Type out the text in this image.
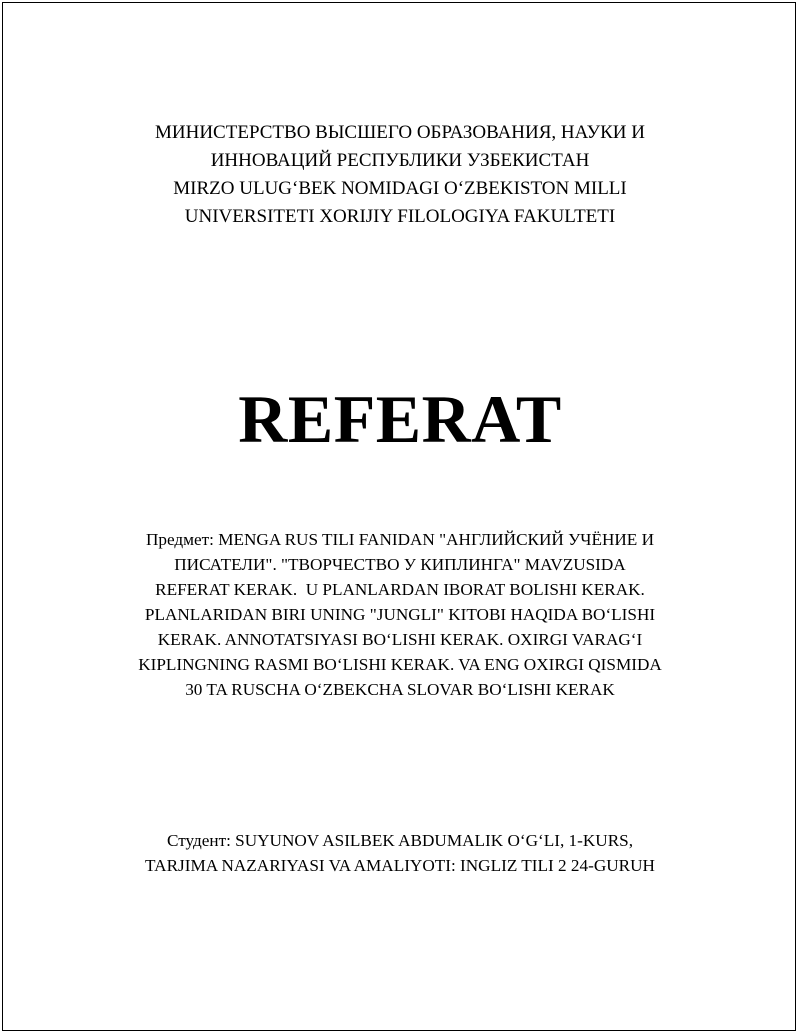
МИНИСТЕРСТВО ВЫСШЕГО ОБРАЗОВАНИЯ, НАУКИ И
ИННОВАЦИЙ РЕСПУБЛИКИ УЗБЕКИСТАН
MIRZO ULUG‘BEK NOMIDAGI O‘ZBEKISTON MILLI
UNIVERSITETI XORIJIY FILOLOGIYA FAKULTETI
REFERAT
Предмет: MENGA RUS TILI FANIDAN "АНГЛИЙСКИЙ УЧЁНИЕ И
ПИСАТЕЛИ". "ТВОРЧЕСТВО У КИПЛИНГА" MAVZUSIDA
REFERAT KERAK.  U PLANLARDAN IBORAT BOLISHI KERAK.
PLANLARIDAN BIRI UNING "JUNGLI" KITOBI HAQIDA BO‘LISHI
KERAK. ANNOTATSIYASI BO‘LISHI KERAK. OXIRGI VARAG‘I
KIPLINGNING RASMI BO‘LISHI KERAK. VA ENG OXIRGI QISMIDA
30 TA RUSCHA O‘ZBEKCHA SLOVAR BO‘LISHI KERAK
Студент: SUYUNOV ASILBEK ABDUMALIK O‘G‘LI, 1-KURS,
TARJIMA NAZARIYASI VA AMALIYOTI: INGLIZ TILI 2 24-GURUH
